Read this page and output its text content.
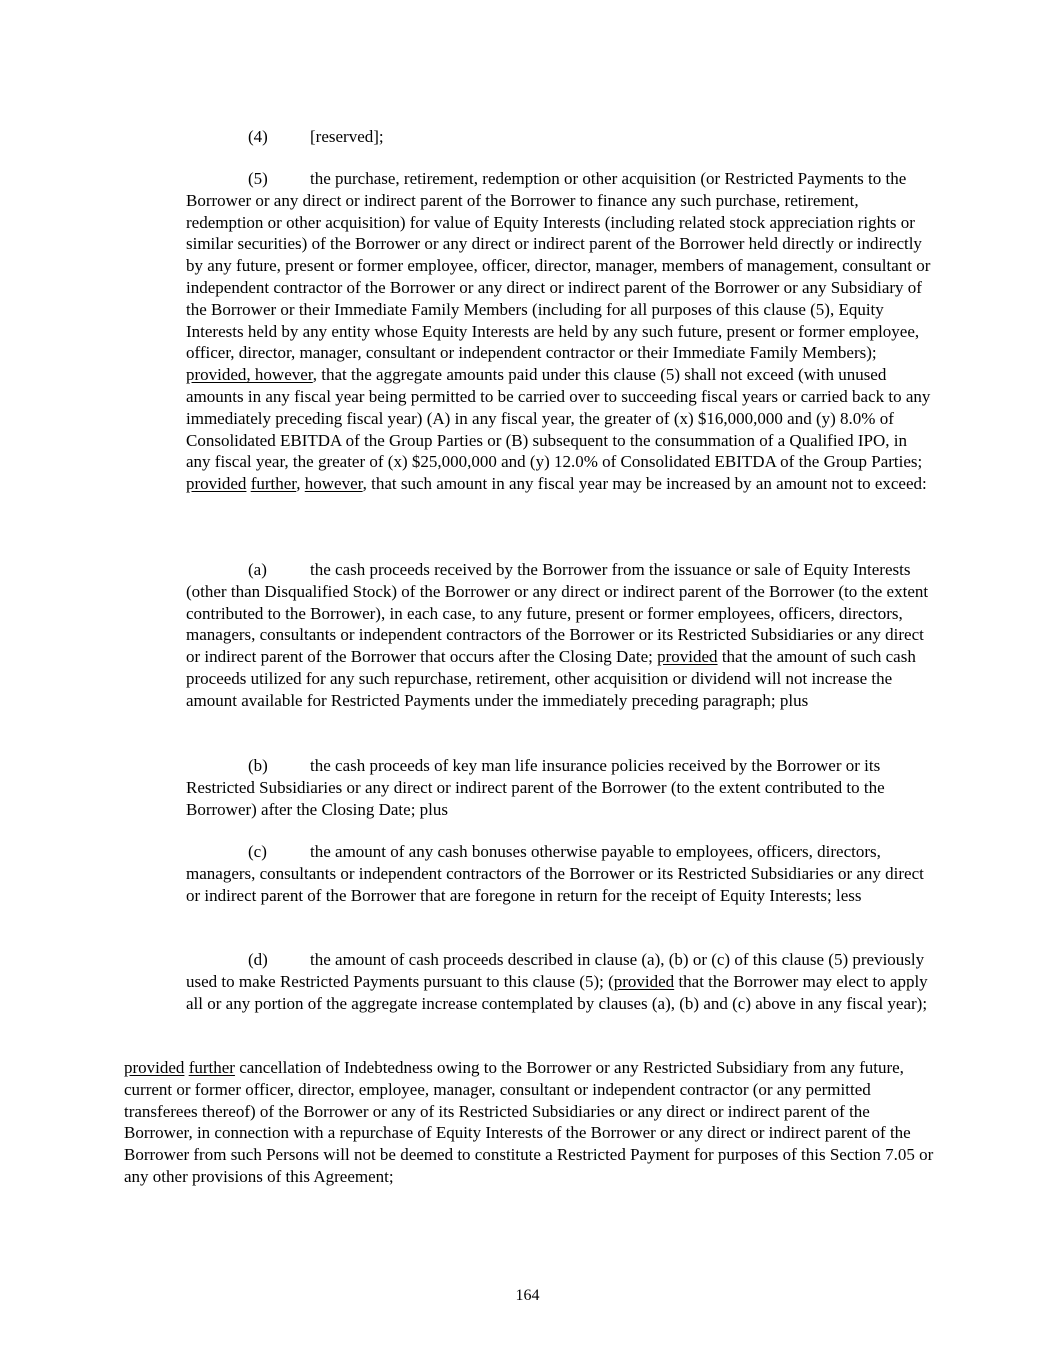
(4) [reserved];

(5) the purchase, retirement, redemption or other acquisition (or Restricted Payments to the Borrower or any direct or indirect parent of the Borrower to finance any such purchase, retirement, redemption or other acquisition) for value of Equity Interests (including related stock appreciation rights or similar securities) of the Borrower or any direct or indirect parent of the Borrower held directly or indirectly by any future, present or former employee, officer, director, manager, members of management, consultant or independent contractor of the Borrower or any direct or indirect parent of the Borrower or any Subsidiary of the Borrower or their Immediate Family Members (including for all purposes of this clause (5), Equity Interests held by any entity whose Equity Interests are held by any such future, present or former employee, officer, director, manager, consultant or independent contractor or their Immediate Family Members); provided, however, that the aggregate amounts paid under this clause (5) shall not exceed (with unused amounts in any fiscal year being permitted to be carried over to succeeding fiscal years or carried back to any immediately preceding fiscal year) (A) in any fiscal year, the greater of (x) $16,000,000 and (y) 8.0% of Consolidated EBITDA of the Group Parties or (B) subsequent to the consummation of a Qualified IPO, in any fiscal year, the greater of (x) $25,000,000 and (y) 12.0% of Consolidated EBITDA of the Group Parties; provided further, however, that such amount in any fiscal year may be increased by an amount not to exceed:

(a)	the cash proceeds received by the Borrower from the issuance or sale of Equity Interests (other than Disqualified Stock) of the Borrower or any direct or indirect parent of the Borrower (to the extent contributed to the Borrower), in each case, to any future, present or former employees, officers, directors, managers, consultants or independent contractors of the Borrower or its Restricted Subsidiaries or any direct or indirect parent of the Borrower that occurs after the Closing Date; provided that the amount of such cash proceeds utilized for any such repurchase, retirement, other acquisition or dividend will not increase the amount available for Restricted Payments under the immediately preceding paragraph; plus

(b) the cash proceeds of key man life insurance policies received by the Borrower or its Restricted Subsidiaries or any direct or indirect parent of the Borrower (to the extent contributed to the Borrower) after the Closing Date; plus

(c)	the amount of any cash bonuses otherwise payable to employees, officers, directors, managers, consultants or independent contractors of the Borrower or its Restricted Subsidiaries or any direct or indirect parent of the Borrower that are foregone in return for the receipt of Equity Interests; less

(d) the amount of cash proceeds described in clause (a), (b) or (c) of this clause (5) previously used to make Restricted Payments pursuant to this clause (5); (provided that the Borrower may elect to apply all or any portion of the aggregate increase contemplated by clauses (a), (b) and (c) above in any fiscal year);

provided further cancellation of Indebtedness owing to the Borrower or any Restricted Subsidiary from any future, current or former officer, director, employee, manager, consultant or independent contractor (or any permitted transferees thereof) of the Borrower or any of its Restricted Subsidiaries or any direct or indirect parent of the Borrower, in connection with a repurchase of Equity Interests of the Borrower or any direct or indirect parent of the Borrower from such Persons will not be deemed to constitute a Restricted Payment for purposes of this Section 7.05 or any other provisions of this Agreement;

164
